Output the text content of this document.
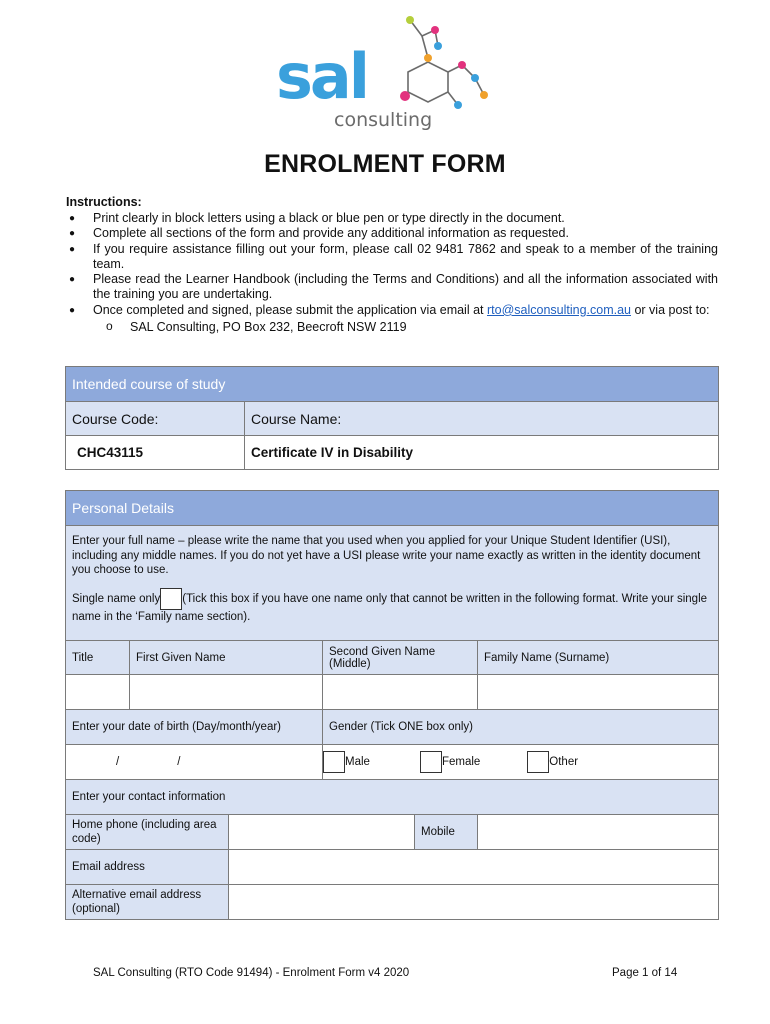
sal
consulting
ENROLMENT FORM
Instructions:
● Print clearly in block letters using a black or blue pen or type directly in the document.
● Complete all sections of the form and provide any additional information as requested.
● If you require assistance filling out your form, please call 02 9481 7862 and speak to a member of the training team.
● Please read the Learner Handbook (including the Terms and Conditions) and all the information associated with the training you are undertaking.
● Once completed and signed, please submit the application via email at rto@salconsulting.com.au or via post to:
o SAL Consulting, PO Box 232, Beecroft NSW 2119
Intended course of study	
Course Code:	Course Name:
CHC43115	Certificate IV in Disability
Personal Details					

Enter your full name – please write the name that you used when you applied for your Unique Student Identifier (USI), including any middle names. If you do not yet have a USI please write your name exactly as written in the identity document you choose to use.
Single name only (Tick this box if you have one name only that cannot be written in the following format. Write your single name in the ‘Family name section).					

Title	First Given Name		Second Given Name (Middle)		Family Name (Surname)

Enter your date of birth (Day/month/year)			Gender (Tick ONE box only)		
/ /			Male Female Other		
Enter your contact information					
Home phone (including area code)				Mobile	
Email address					
Alternative email address (optional)					
SAL Consulting (RTO Code 91494) - Enrolment Form v4 2020	Page 1 of 14
